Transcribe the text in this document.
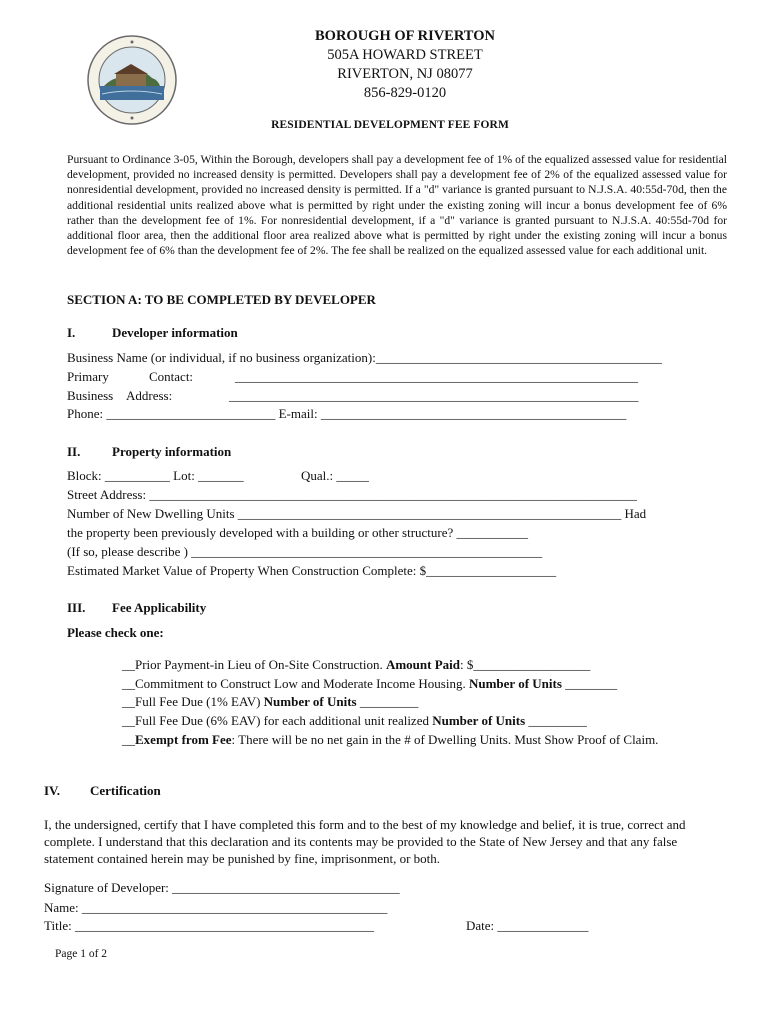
BOROUGH OF RIVERTON
505A HOWARD STREET
RIVERTON, NJ 08077
856-829-0120
RESIDENTIAL DEVELOPMENT FEE FORM
Pursuant to Ordinance 3-05, Within the Borough, developers shall pay a development fee of 1% of the equalized assessed value for residential development, provided no increased density is permitted. Developers shall pay a development fee of 2% of the equalized assessed value for nonresidential development, provided no increased density is permitted. If a "d" variance is granted pursuant to N.J.S.A. 40:55d-70d, then the additional residential units realized above what is permitted by right under the existing zoning will incur a bonus development fee of 6% rather than the development fee of 1%. For nonresidential development, if a "d" variance is granted pursuant to N.J.S.A. 40:55d-70d for additional floor area, then the additional floor area realized above what is permitted by right under the existing zoning will incur a bonus development fee of 6% than the development fee of 2%. The fee shall be realized on the equalized assessed value for each additional unit.
SECTION A: TO BE COMPLETED BY DEVELOPER
I.	Developer information
Business Name (or individual, if no business organization):____________________________________________
Primary	Contact:	______________________________________________________________
Business Address:	_______________________________________________________________
Phone: __________________________ E-mail: _______________________________________________
II. Property information
Block: __________ Lot: _______	Qual.: _____
Street Address: ___________________________________________________________________________
Number of New Dwelling Units ___________________________________________________________ Had
the property been previously developed with a building or other structure? ___________
(If so, please describe ) ______________________________________________________
Estimated Market Value of Property When Construction Complete: $____________________
III. Fee Applicability
Please check one:
__Prior Payment-in Lieu of On-Site Construction. Amount Paid: $__________________
__Commitment to Construct Low and Moderate Income Housing. Number of Units ________
__Full Fee Due (1% EAV) Number of Units _________
__Full Fee Due (6% EAV) for each additional unit realized Number of Units _________
__Exempt from Fee: There will be no net gain in the # of Dwelling Units. Must Show Proof of Claim.
IV. Certification
I, the undersigned, certify that I have completed this form and to the best of my knowledge and belief, it is true, correct and complete. I understand that this declaration and its contents may be provided to the State of New Jersey and that any false statement contained herein may be punished by fine, imprisonment, or both.
Signature of Developer: ___________________________________
Name: _______________________________________________
Title: ______________________________________________	Date: ______________
Page 1 of 2
